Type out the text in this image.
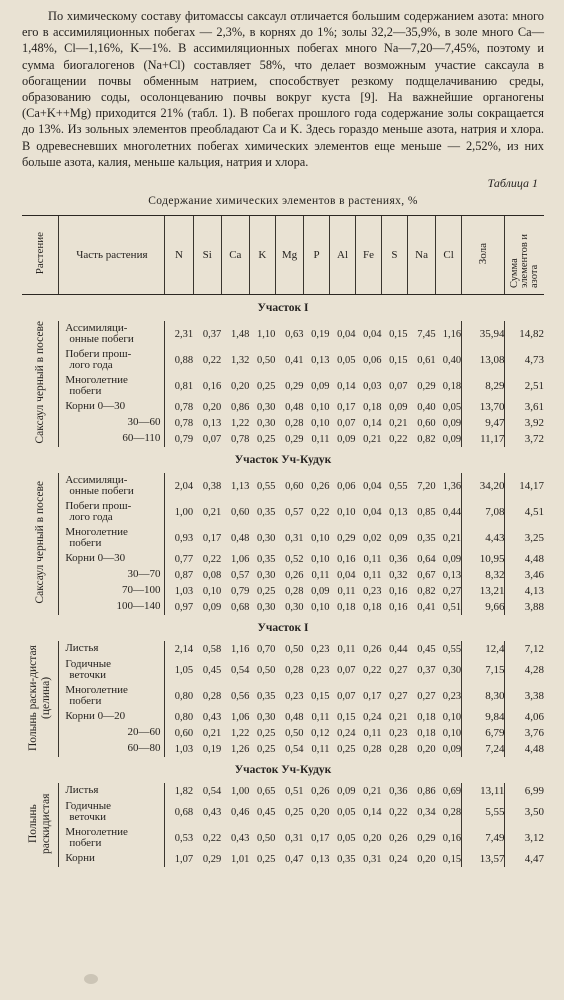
По химическому составу фитомассы саксаул отличается большим содержанием азота: много его в ассимиляционных побегах — 2,3%, в корнях до 1%; золы 32,2—35,9%, в золе много Ca—1,48%, Cl—1,16%, K—1%. В ассимиляционных побегах много Na—7,20—7,45%, поэтому и сумма биогалогенов (Na+Cl) составляет 58%, что делает возможным участие саксаула в обогащении почвы обменным натрием, способствует резкому подщелачиванию среды, образованию соды, осолонцеванию почвы вокруг куста [9]. На важнейшие органогены (Ca+K++Mg) приходится 21% (табл. 1). В побегах прошлого года содержание золы сокращается до 13%. Из зольных элементов преобладают Ca и K. Здесь гораздо меньше азота, натрия и хлора. В одревесневших многолетних побегах химических элементов еще меньше — 2,52%, из них больше азота, калия, меньше кальция, натрия и хлора.

Таблица 1
Содержание химических элементов в растениях, %
Растение	Часть растения	N	Si	Ca	K	Mg	P	Al	Fe	S	Na	Cl	Зола	Сумма элементов и азота
Участок I														
Саксаул черный в посеве	Ассимиляци-
онные побеги	2,31	0,37	1,48	1,10	0,63	0,19	0,04	0,04	0,15	7,45	1,16	35,94	14,82

	Побеги прош-
лого года	0,88	0,22	1,32	0,50	0,41	0,13	0,05	0,06	0,15	0,61	0,40	13,08	4,73

	Многолетние
побеги	0,81	0,16	0,20	0,25	0,29	0,09	0,14	0,03	0,07	0,29	0,18	8,29	2,51

	Корни 0—30	0,78	0,20	0,86	0,30	0,48	0,10	0,17	0,18	0,09	0,40	0,05	13,70	3,61

	30—60	0,78	0,13	1,22	0,30	0,28	0,10	0,07	0,14	0,21	0,60	0,09	9,47	3,92

	60—110	0,79	0,07	0,78	0,25	0,29	0,11	0,09	0,21	0,22	0,82	0,09	11,17	3,72
Участок Уч-Кудук														
Саксаул черный в посеве	Ассимиляци-
онные побеги	2,04	0,38	1,13	0,55	0,60	0,26	0,06	0,04	0,55	7,20	1,36	34,20	14,17

	Побеги прош-
лого года	1,00	0,21	0,60	0,35	0,57	0,22	0,10	0,04	0,13	0,85	0,44	7,08	4,51

	Многолетние
побеги	0,93	0,17	0,48	0,30	0,31	0,10	0,29	0,02	0,09	0,35	0,21	4,43	3,25

	Корни 0—30	0,77	0,22	1,06	0,35	0,52	0,10	0,16	0,11	0,36	0,64	0,09	10,95	4,48

	30—70	0,87	0,08	0,57	0,30	0,26	0,11	0,04	0,11	0,32	0,67	0,13	8,32	3,46

	70—100	1,03	0,10	0,79	0,25	0,28	0,09	0,11	0,23	0,16	0,82	0,27	13,21	4,13

	100—140	0,97	0,09	0,68	0,30	0,30	0,10	0,18	0,18	0,16	0,41	0,51	9,66	3,88
Участок I														
Полынь раски-дистая (целина)	Листья	2,14	0,58	1,16	0,70	0,50	0,23	0,11	0,26	0,44	0,45	0,55	12,4	7,12

	Годичные
веточки	1,05	0,45	0,54	0,50	0,28	0,23	0,07	0,22	0,27	0,37	0,30	7,15	4,28

	Многолетние
побеги	0,80	0,28	0,56	0,35	0,23	0,15	0,07	0,17	0,27	0,27	0,23	8,30	3,38

	Корни 0—20	0,80	0,43	1,06	0,30	0,48	0,11	0,15	0,24	0,21	0,18	0,10	9,84	4,06

	20—60	0,60	0,21	1,22	0,25	0,50	0,12	0,24	0,11	0,23	0,18	0,10	6,79	3,76

	60—80	1,03	0,19	1,26	0,25	0,54	0,11	0,25	0,28	0,28	0,20	0,09	7,24	4,48
Участок Уч-Кудук														
Полынь раскидистая	Листья	1,82	0,54	1,00	0,65	0,51	0,26	0,09	0,21	0,36	0,86	0,69	13,11	6,99

	Годичные
веточки	0,68	0,43	0,46	0,45	0,25	0,20	0,05	0,14	0,22	0,34	0,28	5,55	3,50

	Многолетние
побеги	0,53	0,22	0,43	0,50	0,31	0,17	0,05	0,20	0,26	0,29	0,16	7,49	3,12

	Корни	1,07	0,29	1,01	0,25	0,47	0,13	0,35	0,31	0,24	0,20	0,15	13,57	4,47
